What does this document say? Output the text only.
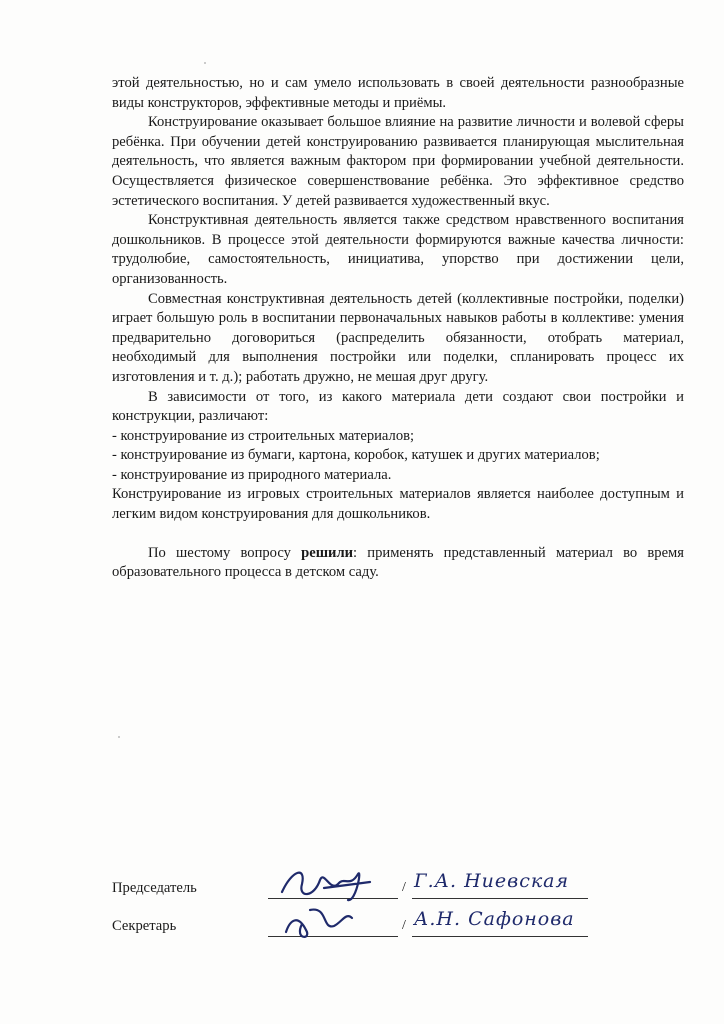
этой деятельностью, но и сам умело использовать в своей деятельности разнообразные виды конструкторов, эффективные методы и приёмы.

Конструирование оказывает большое влияние на развитие личности и волевой сферы ребёнка. При обучении детей конструированию развивается планирующая мыслительная деятельность, что является важным фактором при формировании учебной деятельности. Осуществляется физическое совершенствование ребёнка. Это эффективное средство эстетического воспитания. У детей развивается художественный вкус.

Конструктивная деятельность является также средством нравственного воспитания дошкольников. В процессе этой деятельности формируются важные качества личности: трудолюбие, самостоятельность, инициатива, упорство при достижении цели, организованность.

Совместная конструктивная деятельность детей (коллективные постройки, поделки) играет большую роль в воспитании первоначальных навыков работы в коллективе: умения предварительно договориться (распределить обязанности, отобрать материал, необходимый для выполнения постройки или поделки, спланировать процесс их изготовления и т. д.); работать дружно, не мешая друг другу.

В зависимости от того, из какого материала дети создают свои постройки и конструкции, различают:

- конструирование из строительных материалов;

- конструирование из бумаги, картона, коробок, катушек и других материалов;

- конструирование из природного материала.

Конструирование из игровых строительных материалов является наиболее доступным и легким видом конструирования для дошкольников.

По шестому вопросу решили: применять представленный материал во время образовательного процесса в детском саду.

Председатель	/ Г.А. Ниевская
Секретарь	/ А.Н. Сафонова
